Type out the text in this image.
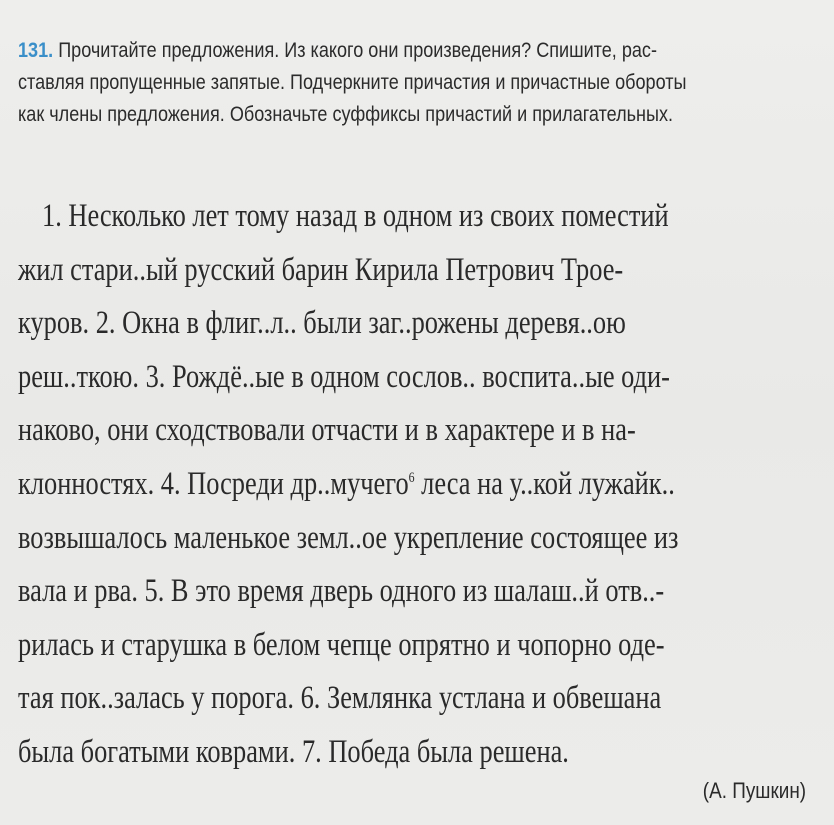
131. Прочитайте предложения. Из какого они произведения? Спишите, рас-
ставляя пропущенные запятые. Подчеркните причастия и причастные обороты
как члены предложения. Обозначьте суффиксы причастий и прилагательных.
1. Несколько лет тому назад в одном из своих поместий
жил стари..ый русский барин Кирила Петрович Трое-
куров. 2. Окна в флиг..л.. были заг..рожены деревя..ою
реш..ткою. 3. Рождё..ые в одном сослов.. воспита..ые оди-
наково, они сходствовали отчасти и в характере и в на-
клонностях. 4. Посреди др..мучего$^6$ леса на у..кой лужайк..
возвышалось маленькое земл..ое укрепление состоящее из
вала и рва. 5. В это время дверь одного из шалаш..й отв..-
рилась и старушка в белом чепце опрятно и чопорно оде-
тая пок..залась у порога. 6. Землянка устлана и обвешана
была богатыми коврами. 7. Победа была решена.
(А. Пушкин)
